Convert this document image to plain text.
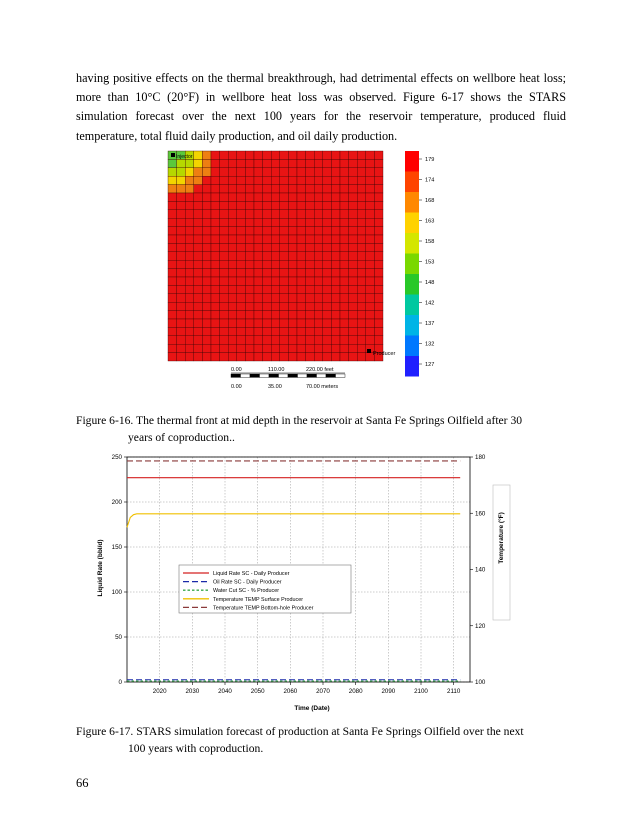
having positive effects on the thermal breakthrough, had detrimental effects on wellbore heat loss; more than 10°C (20°F) in wellbore heat loss was observed. Figure 6-17 shows the STARS simulation forecast over the next 100 years for the reservoir temperature, produced fluid temperature, total fluid daily production, and oil daily production.

Injector
Producer
179
174
168
163
158
153
148
142
137
132
127
0.00	110.00	220.00 feet
0.00	35.00	70.00 meters

Figure 6-16. The thermal front at mid depth in the reservoir at Santa Fe Springs Oilfield after 30
years of coproduction..

2020	2030	2040	2050	2060	2070	2080	2090	2100	2110
0
50
100
150
200
250
100
120
140
160
180
Liquid Rate SC - Daily Producer
Oil Rate SC - Daily Producer
Water Cut SC - % Producer
Temperature TEMP Surface Producer
Temperature TEMP Bottom-hole Producer
Time (Date)
Liquid Rate (bbl/d)
Temperature (°F)

Figure 6-17. STARS simulation forecast of production at Santa Fe Springs Oilfield over the next
100 years with coproduction.

66
